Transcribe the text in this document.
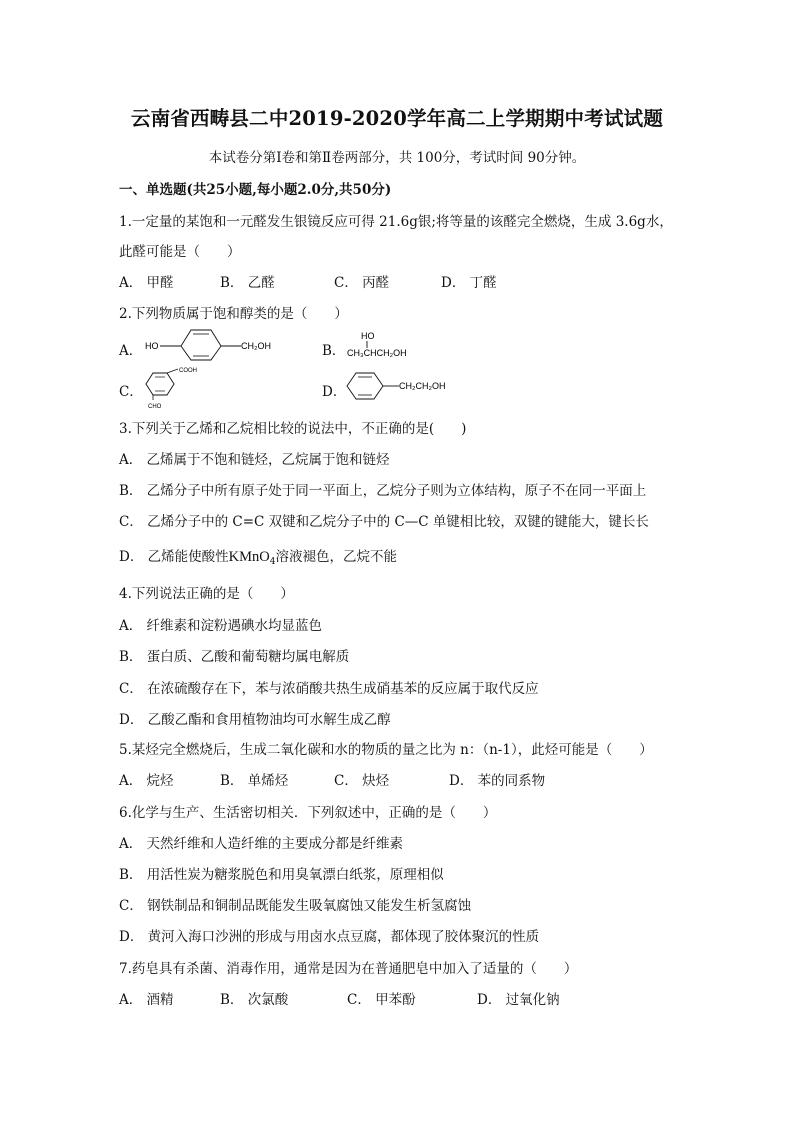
云南省西畴县二中2019-2020学年高二上学期期中考试试题
本试卷分第Ⅰ卷和第Ⅱ卷两部分，共 100分，考试时间 90分钟。
一、单选题(共25小题,每小题2.0分,共50分)
1.一定量的某饱和一元醛发生银镜反应可得 21.6g银;将等量的该醛完全燃烧，生成 3.6g水，
此醛可能是（　　）
A． 甲醛	B． 乙醛	C． 丙醛	D． 丁醛
2.下列物质属于饱和醇类的是（　　）
A． HO	CH₂OH	B．
HO
CH₃CHCH₂OH
C．
COOH
CHO
D．	CH₂CH₂OH
3.下列关于乙烯和乙烷相比较的说法中，不正确的是(　　)
A． 乙烯属于不饱和链烃，乙烷属于饱和链烃
B． 乙烯分子中所有原子处于同一平面上，乙烷分子则为立体结构，原子不在同一平面上
C． 乙烯分子中的 C=C 双键和乙烷分子中的 C—C 单键相比较，双键的键能大，键长长
D． 乙烯能使酸性KMnO$_4$溶液褪色，乙烷不能
4.下列说法正确的是（　　）
A． 纤维素和淀粉遇碘水均显蓝色
B． 蛋白质、乙酸和葡萄糖均属电解质
C． 在浓硫酸存在下，苯与浓硝酸共热生成硝基苯的反应属于取代反应
D． 乙酸乙酯和食用植物油均可水解生成乙醇
5.某烃完全燃烧后，生成二氧化碳和水的物质的量之比为 n：（n-1），此烃可能是（　　）
A． 烷烃	B． 单烯烃	C． 炔烃	D． 苯的同系物
6.化学与生产、生活密切相关．下列叙述中，正确的是（　　）
A． 天然纤维和人造纤维的主要成分都是纤维素
B． 用活性炭为糖浆脱色和用臭氧漂白纸浆，原理相似
C． 钢铁制品和铜制品既能发生吸氧腐蚀又能发生析氢腐蚀
D． 黄河入海口沙洲的形成与用卤水点豆腐，都体现了胶体聚沉的性质
7.药皂具有杀菌、消毒作用，通常是因为在普通肥皂中加入了适量的（　　）
A． 酒精	B． 次氯酸	C． 甲苯酚	D． 过氧化钠
